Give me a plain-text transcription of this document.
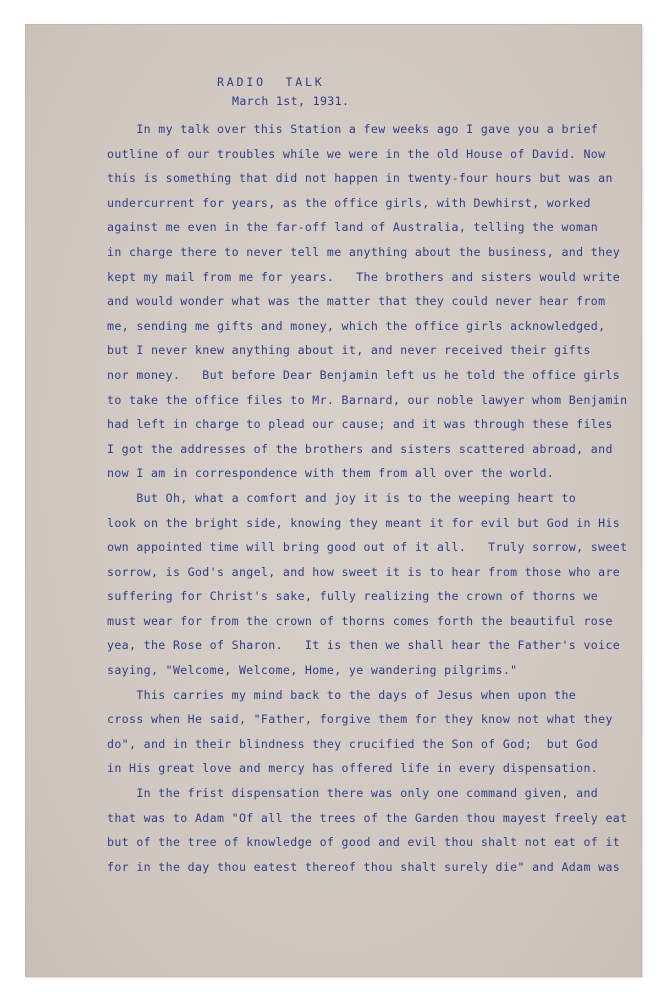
RADIO  TALK
March 1st, 1931.
In my talk over this Station a few weeks ago I gave you a brief
outline of our troubles while we were in the old House of David. Now
this is something that did not happen in twenty-four hours but was an
undercurrent for years, as the office girls, with Dewhirst, worked
against me even in the far-off land of Australia, telling the woman
in charge there to never tell me anything about the business, and they
kept my mail from me for years.   The brothers and sisters would write
and would wonder what was the matter that they could never hear from
me, sending me gifts and money, which the office girls acknowledged,
but I never knew anything about it, and never received their gifts
nor money.   But before Dear Benjamin left us he told the office girls
to take the office files to Mr. Barnard, our noble lawyer whom Benjamin
had left in charge to plead our cause; and it was through these files
I got the addresses of the brothers and sisters scattered abroad, and
now I am in correspondence with them from all over the world.
But Oh, what a comfort and joy it is to the weeping heart to
look on the bright side, knowing they meant it for evil but God in His
own appointed time will bring good out of it all.   Truly sorrow, sweet
sorrow, is God's angel, and how sweet it is to hear from those who are
suffering for Christ's sake, fully realizing the crown of thorns we
must wear for from the crown of thorns comes forth the beautiful rose
yea, the Rose of Sharon.   It is then we shall hear the Father's voice
saying, "Welcome, Welcome, Home, ye wandering pilgrims."
This carries my mind back to the days of Jesus when upon the
cross when He said, "Father, forgive them for they know not what they
do", and in their blindness they crucified the Son of God;  but God
in His great love and mercy has offered life in every dispensation.
In the frist dispensation there was only one command given, and
that was to Adam "Of all the trees of the Garden thou mayest freely eat
but of the tree of knowledge of good and evil thou shalt not eat of it
for in the day thou eatest thereof thou shalt surely die" and Adam was
